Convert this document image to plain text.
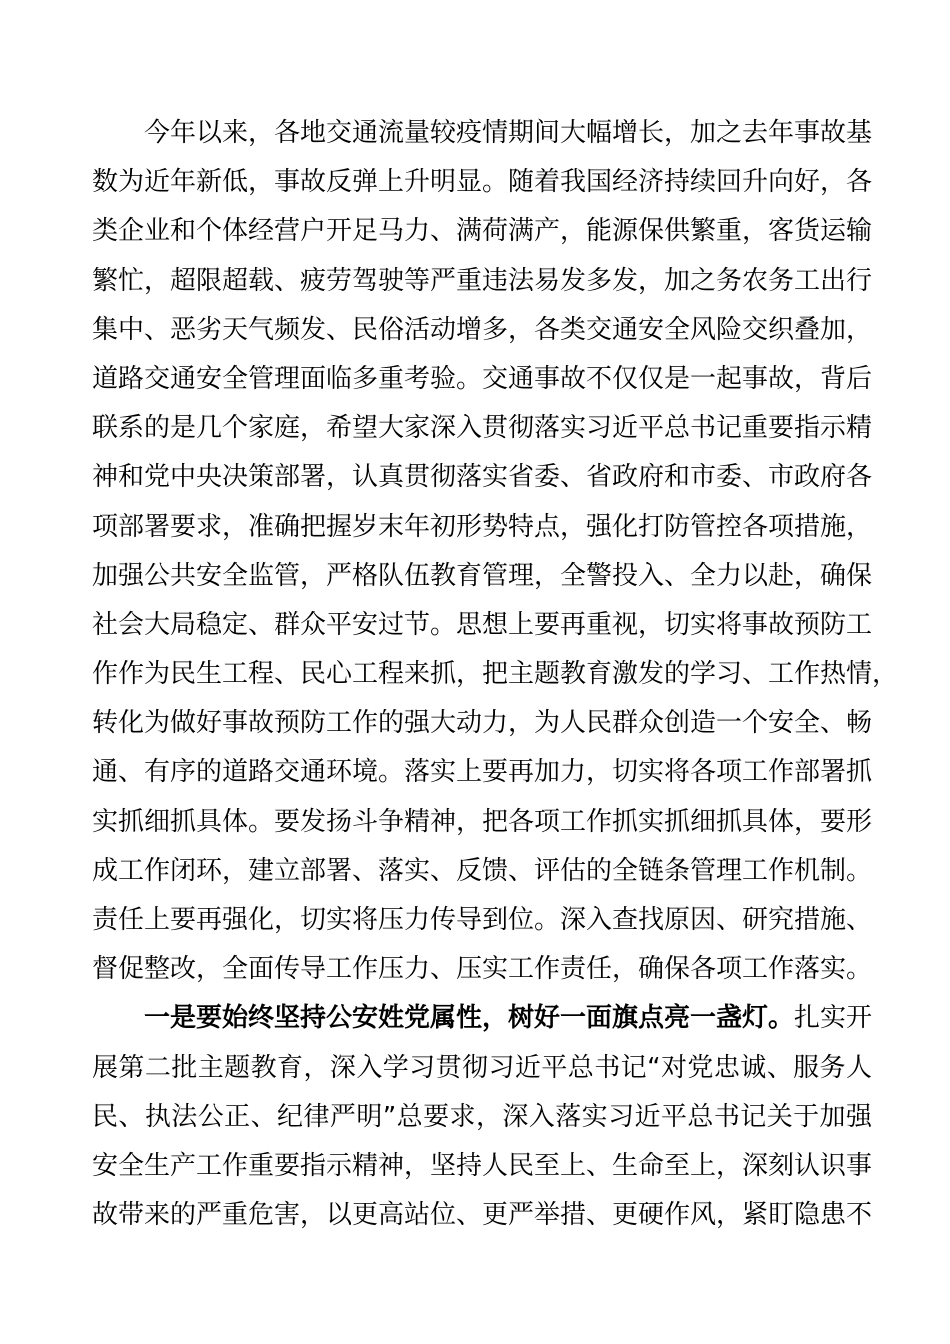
今年以来，各地交通流量较疫情期间大幅增长，加之去年事故基
数为近年新低，事故反弹上升明显。随着我国经济持续回升向好，各
类企业和个体经营户开足马力、满荷满产，能源保供繁重，客货运输
繁忙，超限超载、疲劳驾驶等严重违法易发多发，加之务农务工出行
集中、恶劣天气频发、民俗活动增多，各类交通安全风险交织叠加，
道路交通安全管理面临多重考验。交通事故不仅仅是一起事故，背后
联系的是几个家庭，希望大家深入贯彻落实习近平总书记重要指示精
神和党中央决策部署，认真贯彻落实省委、省政府和市委、市政府各
项部署要求，准确把握岁末年初形势特点，强化打防管控各项措施，
加强公共安全监管，严格队伍教育管理，全警投入、全力以赴，确保
社会大局稳定、群众平安过节。思想上要再重视，切实将事故预防工
作作为民生工程、民心工程来抓，把主题教育激发的学习、工作热情，
转化为做好事故预防工作的强大动力，为人民群众创造一个安全、畅
通、有序的道路交通环境。落实上要再加力，切实将各项工作部署抓
实抓细抓具体。要发扬斗争精神，把各项工作抓实抓细抓具体，要形
成工作闭环，建立部署、落实、反馈、评估的全链条管理工作机制。
责任上要再强化，切实将压力传导到位。深入查找原因、研究措施、
督促整改，全面传导工作压力、压实工作责任，确保各项工作落实。
一是要始终坚持公安姓党属性，树好一面旗点亮一盏灯。扎实开
展第二批主题教育，深入学习贯彻习近平总书记“对党忠诚、服务人
民、执法公正、纪律严明”总要求，深入落实习近平总书记关于加强
安全生产工作重要指示精神，坚持人民至上、生命至上，深刻认识事
故带来的严重危害，以更高站位、更严举措、更硬作风，紧盯隐患不
